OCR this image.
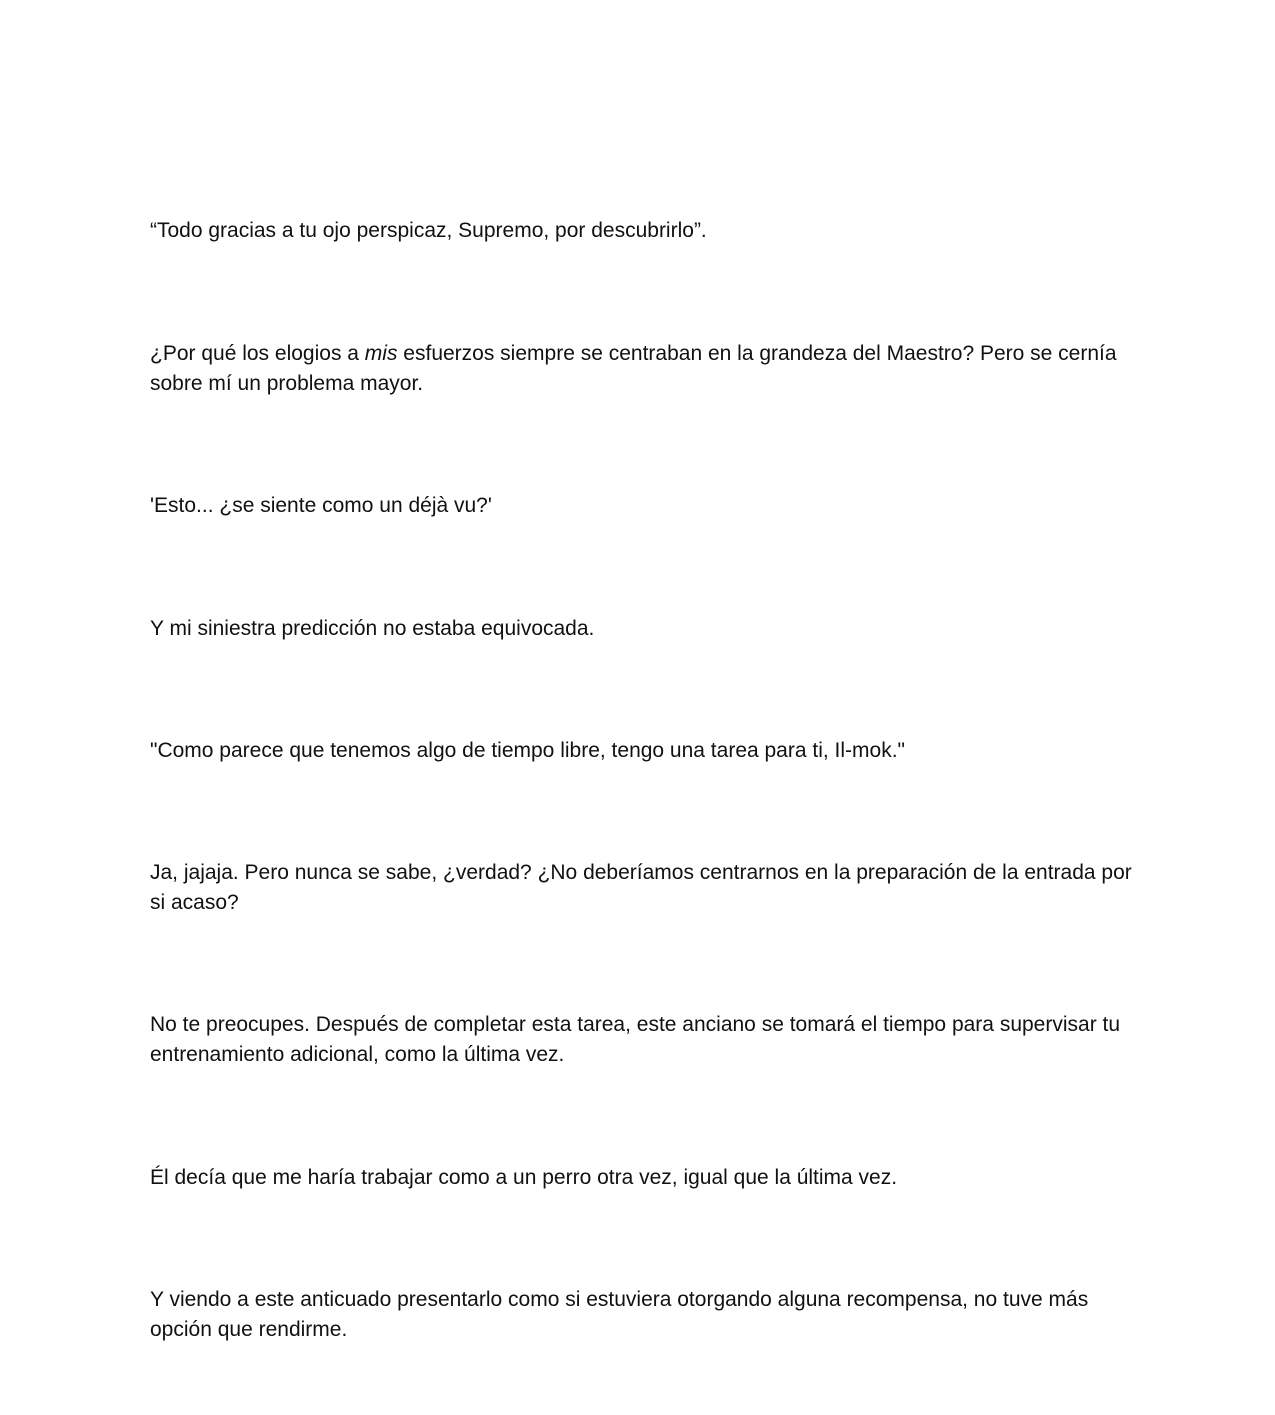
“Todo gracias a tu ojo perspicaz, Supremo, por descubrirlo”.

¿Por qué los elogios a mis esfuerzos siempre se centraban en la grandeza del Maestro? Pero se cernía sobre mí un problema mayor.

'Esto... ¿se siente como un déjà vu?'

Y mi siniestra predicción no estaba equivocada.

"Como parece que tenemos algo de tiempo libre, tengo una tarea para ti, Il-mok."

Ja, jajaja. Pero nunca se sabe, ¿verdad? ¿No deberíamos centrarnos en la preparación de la entrada por si acaso?

No te preocupes. Después de completar esta tarea, este anciano se tomará el tiempo para supervisar tu entrenamiento adicional, como la última vez.

Él decía que me haría trabajar como a un perro otra vez, igual que la última vez.

Y viendo a este anticuado presentarlo como si estuviera otorgando alguna recompensa, no tuve más opción que rendirme.
